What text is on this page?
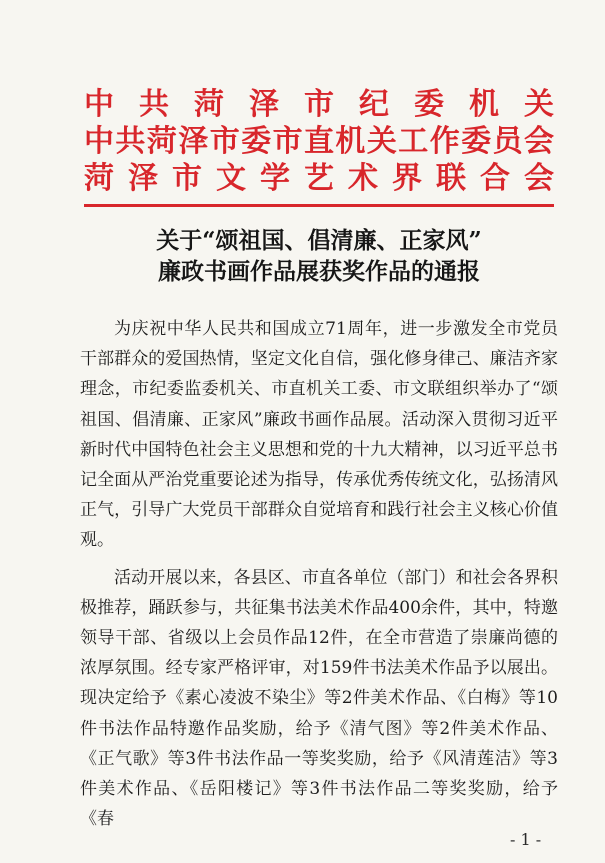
中共菏泽市纪委机关
中共菏泽市委市直机关工作委员会
菏泽市文学艺术界联合会
关于“颂祖国、倡清廉、正家风”
廉政书画作品展获奖作品的通报

为庆祝中华人民共和国成立71周年，进一步激发全市党员干部群众的爱国热情，坚定文化自信，强化修身律己、廉洁齐家理念，市纪委监委机关、市直机关工委、市文联组织举办了“颂祖国、倡清廉、正家风”廉政书画作品展。活动深入贯彻习近平新时代中国特色社会主义思想和党的十九大精神，以习近平总书记全面从严治党重要论述为指导，传承优秀传统文化，弘扬清风正气，引导广大党员干部群众自觉培育和践行社会主义核心价值观。

活动开展以来，各县区、市直各单位（部门）和社会各界积极推荐，踊跃参与，共征集书法美术作品400余件，其中，特邀领导干部、省级以上会员作品12件，在全市营造了崇廉尚德的浓厚氛围。经专家严格评审，对159件书法美术作品予以展出。现决定给予《素心凌波不染尘》等2件美术作品、《白梅》等10件书法作品特邀作品奖励，给予《清气图》等2件美术作品、《正气歌》等3件书法作品一等奖奖励，给予《风清莲洁》等3件美术作品、《岳阳楼记》等3件书法作品二等奖奖励，给予《春

- 1 -
